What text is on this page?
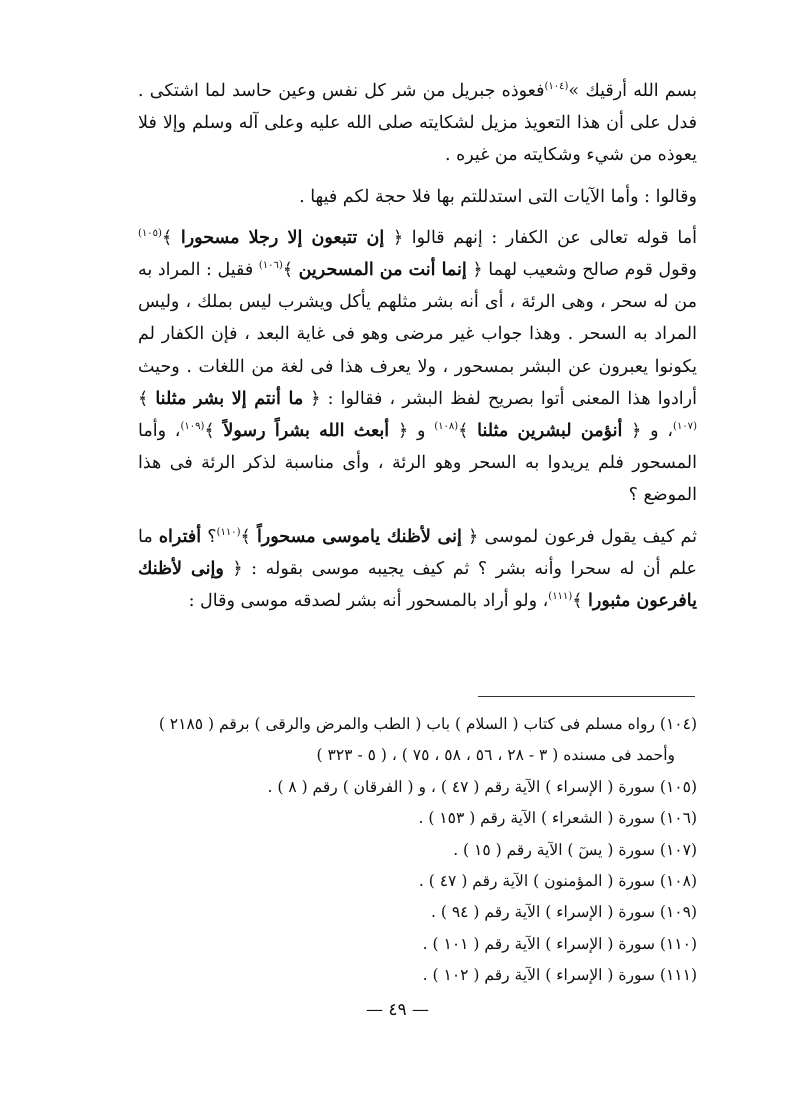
بسم الله أرقيك »$^{(١٠٤)}$فعوذه جبريل من شر كل نفس وعين حاسد لما اشتكى . فدل على أن هذا التعويذ مزيل لشكايته صلى الله عليه وعلى آله وسلم وإلا فلا يعوذه من شيء وشكايته من غيره .

وقالوا : وأما الآيات التى استدللتم بها فلا حجة لكم فيها .

أما قوله تعالى عن الكفار : إنهم قالوا ﴿ إن تتبعون إلا رجلا مسحورا ﴾$^{(١٠٥)}$ وقول قوم صالح وشعيب لهما ﴿ إنما أنت من المسحرين ﴾$^{(١٠٦)}$ فقيل : المراد به من له سحر ، وهى الرئة ، أى أنه بشر مثلهم يأكل ويشرب ليس بملك ، وليس المراد به السحر . وهذا جواب غير مرضى وهو فى غاية البعد ، فإن الكفار لم يكونوا يعبرون عن البشر بمسحور ، ولا يعرف هذا فى لغة من اللغات . وحيث أرادوا هذا المعنى أتوا بصريح لفظ البشر ، فقالوا : ﴿ ما أنتم إلا بشر مثلنا ﴾$^{(١٠٧)}$، و ﴿ أنؤمن لبشرين مثلنا ﴾$^{(١٠٨)}$ و ﴿ أبعث الله بشراً رسولاً ﴾$^{(١٠٩)}$، وأما المسحور فلم يريدوا به السحر وهو الرئة ، وأى مناسبة لذكر الرئة فى هذا الموضع ؟

ثم كيف يقول فرعون لموسى ﴿ إنى لأظنك ياموسى مسحوراً ﴾$^{(١١٠)}$؟ أفتراه ما علم أن له سحرا وأنه بشر ؟ ثم كيف يجيبه موسى بقوله : ﴿ وإنى لأظنك يافرعون مثبورا ﴾$^{(١١١)}$، ولو أراد بالمسحور أنه بشر لصدقه موسى وقال :

(١٠٤) رواه مسلم فى كتاب ( السلام ) باب ( الطب والمرض والرقى ) برقم ( ٢١٨٥ )

وأحمد فى مسنده ( ٣ - ٢٨ ، ٥٦ ، ٥٨ ، ٧٥ ) ، ( ٥ - ٣٢٣ )

(١٠٥) سورة ( الإسراء ) الآية رقم ( ٤٧ ) ، و ( الفرقان ) رقم ( ٨ ) .

(١٠٦) سورة ( الشعراء ) الآية رقم ( ١٥٣ ) .

(١٠٧) سورة ( يسٓ ) الآية رقم ( ١٥ ) .

(١٠٨) سورة ( المؤمنون ) الآية رقم ( ٤٧ ) .

(١٠٩) سورة ( الإسراء ) الآية رقم ( ٩٤ ) .

(١١٠) سورة ( الإسراء ) الآية رقم ( ١٠١ ) .

(١١١) سورة ( الإسراء ) الآية رقم ( ١٠٢ ) .

— ٤٩ —
